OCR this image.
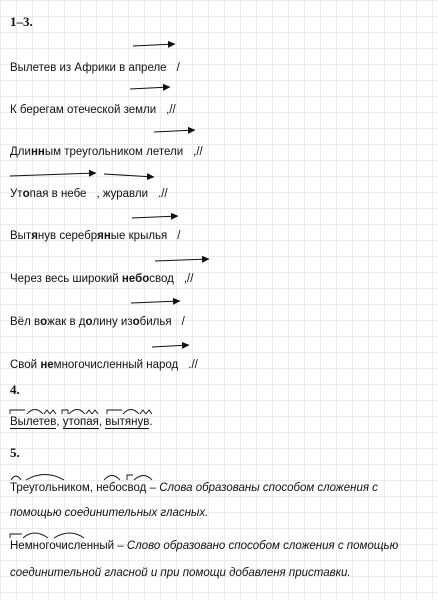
1–3.
Вылетев из Африки в апреле /
К берегам отеческой земли ,//
Длинным треугольником летели ,//
Утопая в небе , журавли .//
Вытянув серебряные крылья /
Через весь широкий небосвод ,//
Вёл вожак в долину изобилья /
Свой немногочисленный народ .//
4.
Вылетев, утопая, вытянув.
5.
Треугольником, небосвод – Слова образованы способом сложения с
помощью соединительных гласных.
Немногочисленный – Слово образовано способом сложения с помощью
соединительной гласной и при помощи добавленя приставки.
